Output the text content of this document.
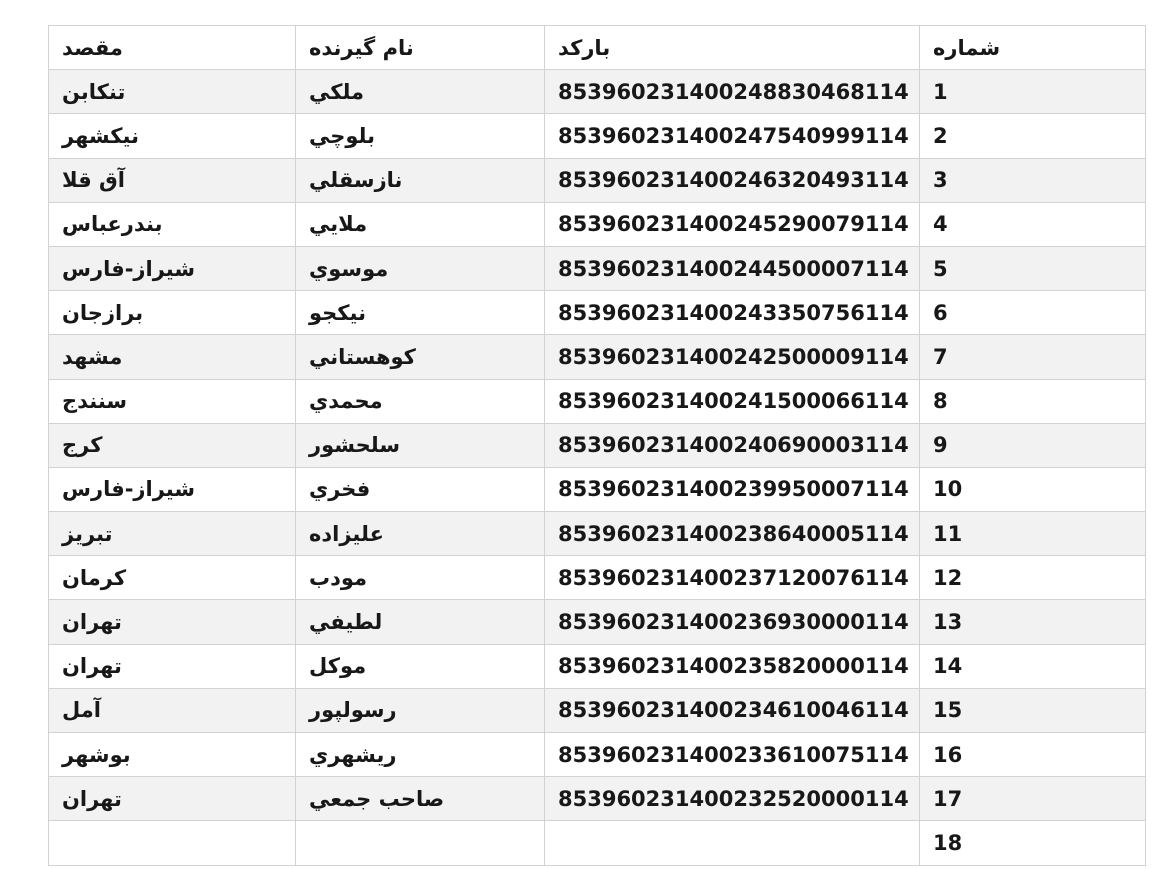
مقصد	نام گيرنده	باركد	شماره
تنكابن	ملكي	853960231400248830468114	1
نيكشهر	بلوچي	853960231400247540999114	2
آق قلا	نازسقلي	853960231400246320493114	3
بندرعباس	ملايي	853960231400245290079114	4
شيراز-فارس	موسوي	853960231400244500007114	5
برازجان	نيكجو	853960231400243350756114	6
مشهد	كوهستاني	853960231400242500009114	7
سنندج	محمدي	853960231400241500066114	8
كرج	سلحشور	853960231400240690003114	9
شيراز-فارس	فخري	853960231400239950007114	10
تبريز	عليزاده	853960231400238640005114	11
كرمان	مودب	853960231400237120076114	12
تهران	لطيفي	853960231400236930000114	13
تهران	موكل	853960231400235820000114	14
آمل	رسولپور	853960231400234610046114	15
بوشهر	ريشهري	853960231400233610075114	16
تهران	صاحب جمعي	853960231400232520000114	17
			18
